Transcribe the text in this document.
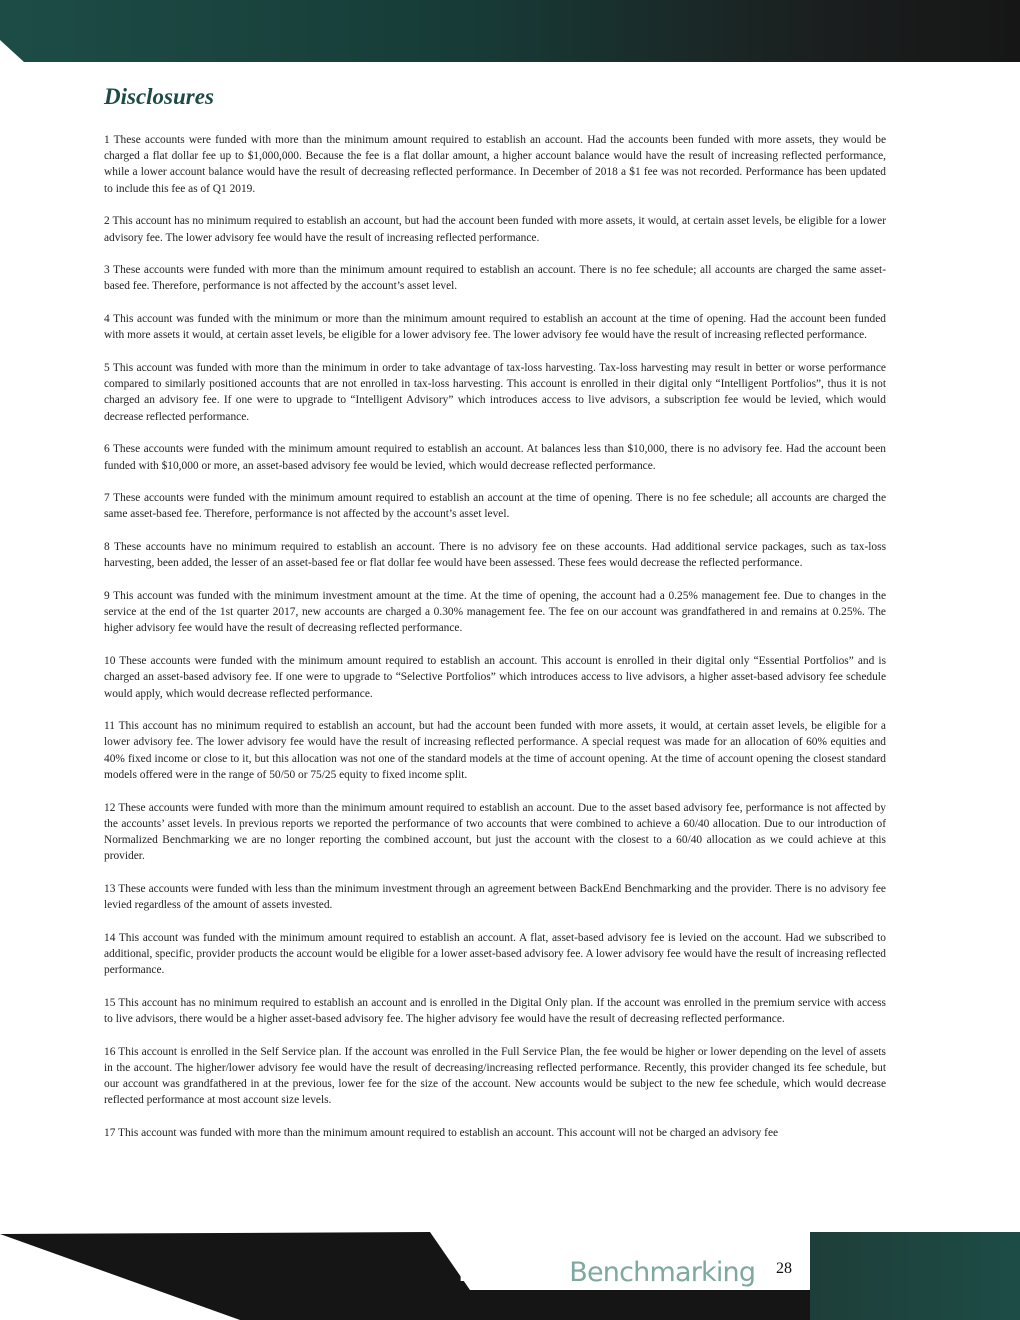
Disclosures

1 These accounts were funded with more than the minimum amount required to establish an account. Had the accounts been funded with more assets, they would be charged a flat dollar fee up to $1,000,000. Because the fee is a flat dollar amount, a higher account balance would have the result of increasing reflected performance, while a lower account balance would have the result of decreasing reflected performance. In December of 2018 a $1 fee was not recorded. Performance has been updated to include this fee as of Q1 2019.

2 This account has no minimum required to establish an account, but had the account been funded with more assets, it would, at certain asset levels, be eligible for a lower advisory fee. The lower advisory fee would have the result of increasing reflected performance.

3 These accounts were funded with more than the minimum amount required to establish an account. There is no fee schedule; all accounts are charged the same asset-based fee. Therefore, performance is not affected by the account’s asset level.

4 This account was funded with the minimum or more than the minimum amount required to establish an account at the time of opening. Had the account been funded with more assets it would, at certain asset levels, be eligible for a lower advisory fee. The lower advisory fee would have the result of increasing reflected performance.

5 This account was funded with more than the minimum in order to take advantage of tax-loss harvesting. Tax-loss harvesting may result in better or worse performance compared to similarly positioned accounts that are not enrolled in tax-loss harvesting. This account is enrolled in their digital only “Intelligent Portfolios”, thus it is not charged an advisory fee. If one were to upgrade to “Intelligent Advisory” which introduces access to live advisors, a subscription fee would be levied, which would decrease reflected performance.

6 These accounts were funded with the minimum amount required to establish an account. At balances less than $10,000, there is no advisory fee. Had the account been funded with $10,000 or more, an asset-based advisory fee would be levied, which would decrease reflected performance.

7 These accounts were funded with the minimum amount required to establish an account at the time of opening. There is no fee schedule; all accounts are charged the same asset-based fee. Therefore, performance is not affected by the account’s asset level.

8 These accounts have no minimum required to establish an account. There is no advisory fee on these accounts. Had additional service packages, such as tax-loss harvesting, been added, the lesser of an asset-based fee or flat dollar fee would have been assessed. These fees would decrease the reflected performance.

9 This account was funded with the minimum investment amount at the time. At the time of opening, the account had a 0.25% management fee. Due to changes in the service at the end of the 1st quarter 2017, new accounts are charged a 0.30% management fee. The fee on our account was grandfathered in and remains at 0.25%. The higher advisory fee would have the result of decreasing reflected performance.

10 These accounts were funded with the minimum amount required to establish an account. This account is enrolled in their digital only “Essential Portfolios” and is charged an asset-based advisory fee. If one were to upgrade to “Selective Portfolios” which introduces access to live advisors, a higher asset-based advisory fee schedule would apply, which would decrease reflected performance.

11 This account has no minimum required to establish an account, but had the account been funded with more assets, it would, at certain asset levels, be eligible for a lower advisory fee. The lower advisory fee would have the result of increasing reflected performance. A special request was made for an allocation of 60% equities and 40% fixed income or close to it, but this allocation was not one of the standard models at the time of account opening. At the time of account opening the closest standard models offered were in the range of 50/50 or 75/25 equity to fixed income split.

12 These accounts were funded with more than the minimum amount required to establish an account. Due to the asset based advisory fee, performance is not affected by the accounts’ asset levels. In previous reports we reported the performance of two accounts that were combined to achieve a 60/40 allocation. Due to our introduction of Normalized Benchmarking we are no longer reporting the combined account, but just the account with the closest to a 60/40 allocation as we could achieve at this provider.

13 These accounts were funded with less than the minimum investment through an agreement between BackEnd Benchmarking and the provider. There is no advisory fee levied regardless of the amount of assets invested.

14 This account was funded with the minimum amount required to establish an account. A flat, asset-based advisory fee is levied on the account. Had we subscribed to additional, specific, provider products the account would be eligible for a lower asset-based advisory fee. A lower advisory fee would have the result of increasing reflected performance.

15 This account has no minimum required to establish an account and is enrolled in the Digital Only plan. If the account was enrolled in the premium service with access to live advisors, there would be a higher asset-based advisory fee. The higher advisory fee would have the result of decreasing reflected performance.

16 This account is enrolled in the Self Service plan. If the account was enrolled in the Full Service Plan, the fee would be higher or lower depending on the level of assets in the account. The higher/lower advisory fee would have the result of decreasing/increasing reflected performance. Recently, this provider changed its fee schedule, but our account was grandfathered in at the previous, lower fee for the size of the account. New accounts would be subject to the new fee schedule, which would decrease reflected performance at most account size levels.

17 This account was funded with more than the minimum amount required to establish an account. This account will not be charged an advisory fee

BackEndBenchmarking 28
